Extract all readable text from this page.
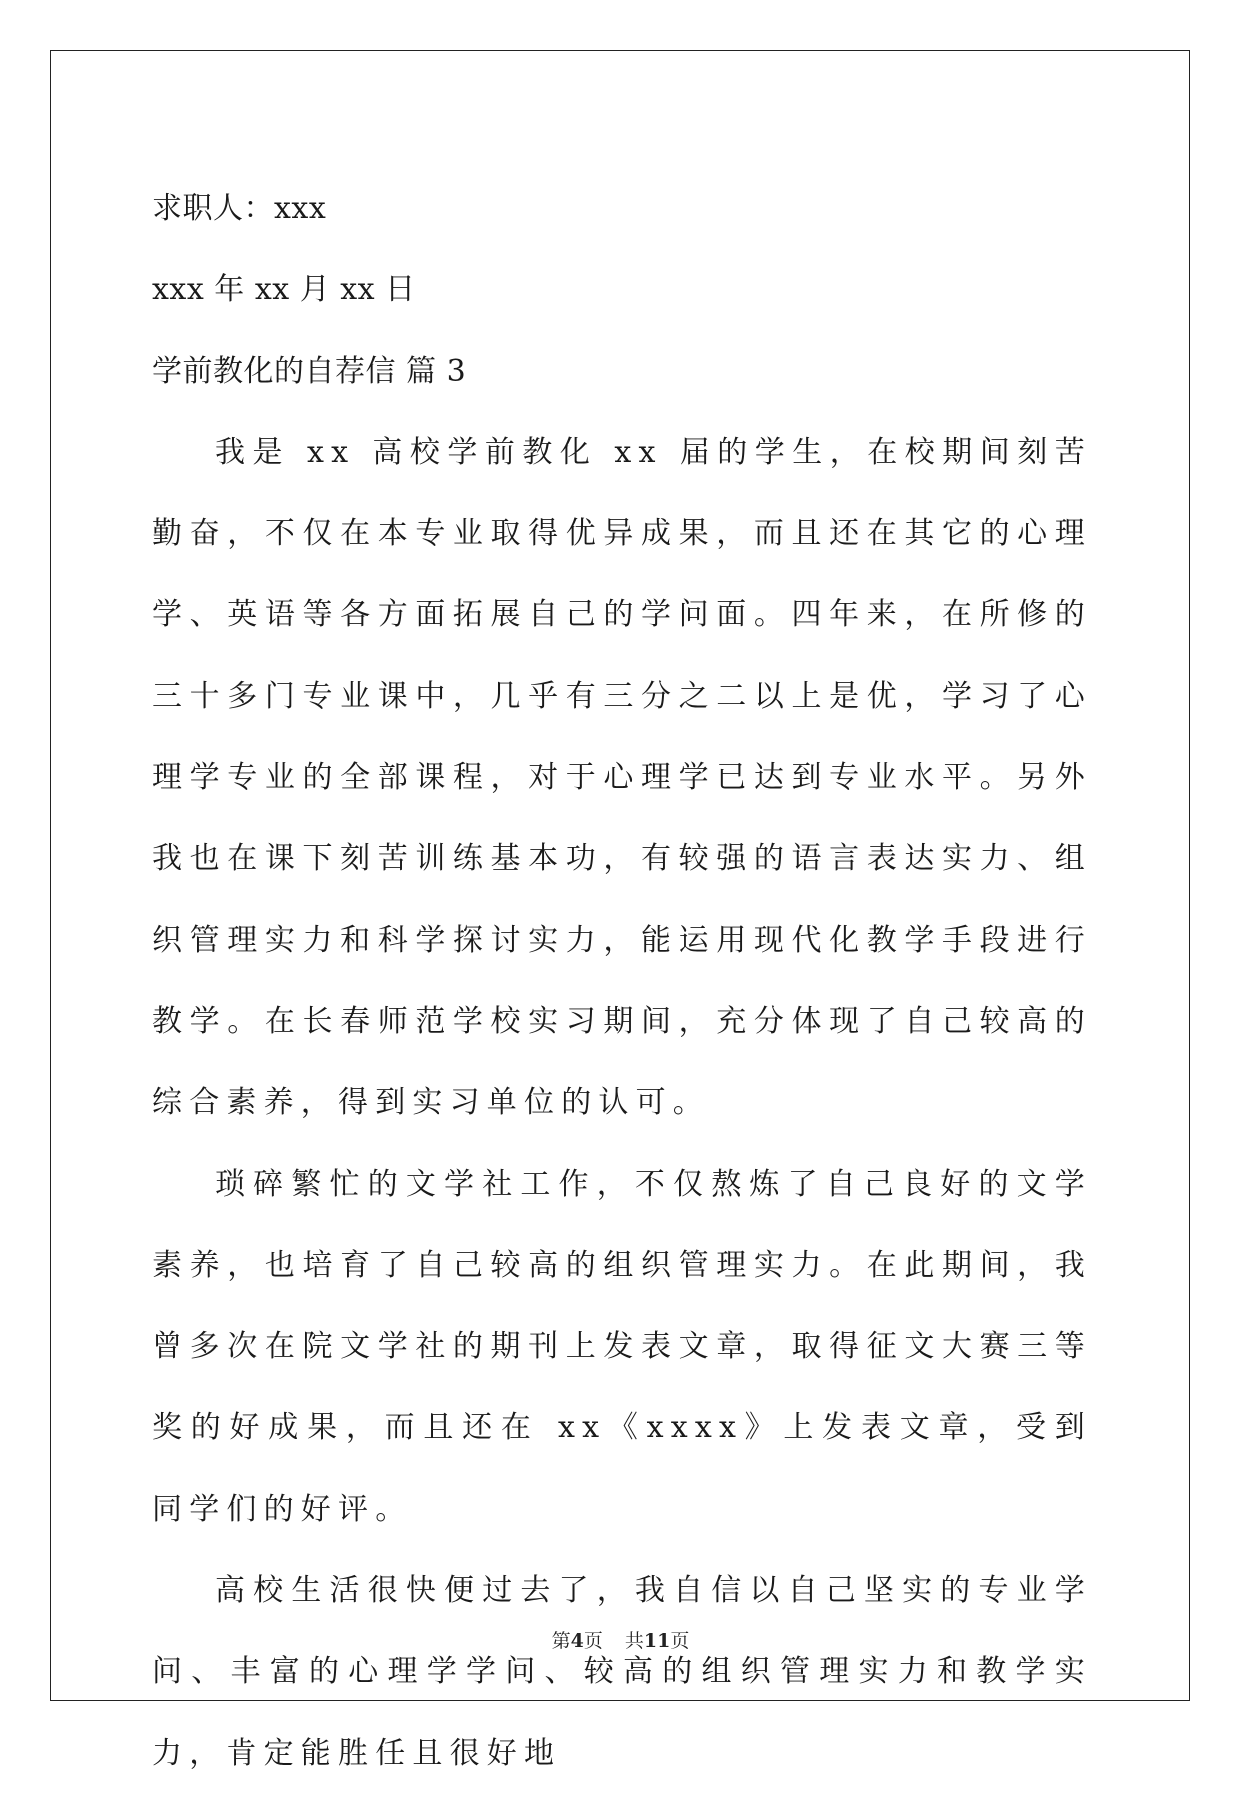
求职人：xxx
xxx 年 xx 月 xx 日
学前教化的自荐信 篇 3

我是 xx 高校学前教化 xx 届的学生，在校期间刻苦勤奋，不仅在本专业取得优异成果，而且还在其它的心理学、英语等各方面拓展自己的学问面。四年来，在所修的三十多门专业课中，几乎有三分之二以上是优，学习了心理学专业的全部课程，对于心理学已达到专业水平。另外我也在课下刻苦训练基本功，有较强的语言表达实力、组织管理实力和科学探讨实力，能运用现代化教学手段进行教学。在长春师范学校实习期间，充分体现了自己较高的综合素养，得到实习单位的认可。

琐碎繁忙的文学社工作，不仅熬炼了自己良好的文学素养，也培育了自己较高的组织管理实力。在此期间，我曾多次在院文学社的期刊上发表文章，取得征文大赛三等奖的好成果，而且还在 xx《xxxx》上发表文章，受到同学们的好评。

高校生活很快便过去了，我自信以自己坚实的专业学问、丰富的心理学学问、较高的组织管理实力和教学实力，肯定能胜任且很好地

第4页 共11页
